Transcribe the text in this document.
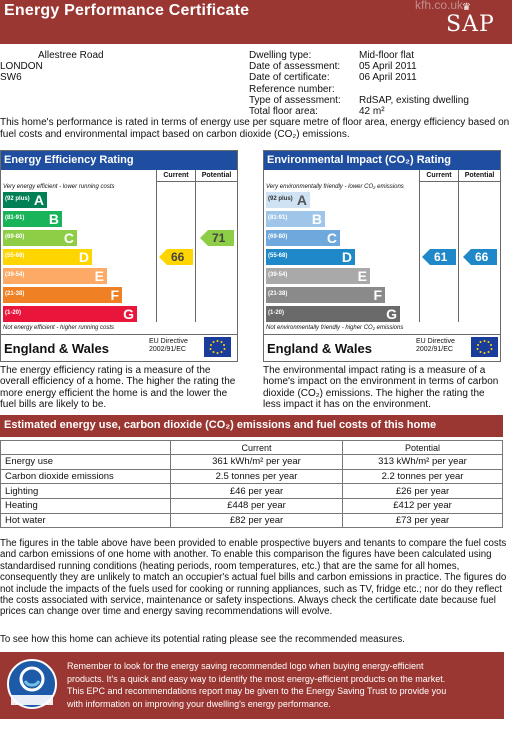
Energy Performance Certificate	kfh.co.uk
♛
SAP
Allestree Road
LONDON
SW6
Dwelling type:	Mid-floor flat
Date of assessment:	05 April 2011
Date of certificate:	06 April 2011
Reference number:
Type of assessment:	RdSAP, existing dwelling
Total floor area:	42 m²
This home's performance is rated in terms of energy use per square metre of floor area, energy efficiency based on fuel costs and environmental impact based on carbon dioxide (CO₂) emissions.
Energy Efficiency Rating
Current	Potential
Very energy efficient - lower running costs
(92 plus) A
(81-91) B
(69-80)	C
(55-68)	D
(39-54)	E
(21-38)	F
(1-20)	G
66
71
Not energy efficient - higher running costs
England & Wales	EU Directive
2002/91/EC
Environmental Impact (CO₂) Rating
Current	Potential
Very environmentally friendly - lower CO₂ emissions
(92 plus) A
(81-91) B
(69-80)	C
(55-68)	D
(39-54)	E
(21-38)	F
(1-20)	G
61 66
Not environmentally friendly - higher CO₂ emissions
England & Wales	EU Directive
2002/91/EC
The energy efficiency rating is a measure of the overall efficiency of a home. The higher the rating the more energy efficient the home is and the lower the fuel bills are likely to be.
The environmental impact rating is a measure of a home's impact on the environment in terms of carbon dioxide (CO₂) emissions. The higher the rating the less impact it has on the environment.
Estimated energy use, carbon dioxide (CO₂) emissions and fuel costs of this home
	Current	Potential
Energy use	361 kWh/m² per year	313 kWh/m² per year
Carbon dioxide emissions	2.5 tonnes per year	2.2 tonnes per year
Lighting	£46 per year	£26 per year
Heating	£448 per year	£412 per year
Hot water	£82 per year	£73 per year
The figures in the table above have been provided to enable prospective buyers and tenants to compare the fuel costs and carbon emissions of one home with another. To enable this comparison the figures have been calculated using standardised running conditions (heating periods, room temperatures, etc.) that are the same for all homes, consequently they are unlikely to match an occupier's actual fuel bills and carbon emissions in practice. The figures do not include the impacts of the fuels used for cooking or running appliances, such as TV, fridge etc.; nor do they reflect the costs associated with service, maintenance or safety inspections. Always check the certificate date because fuel prices can change over time and energy saving recommendations will evolve.
To see how this home can achieve its potential rating please see the recommended measures.
Remember to look for the energy saving recommended logo when buying energy-efficient
products. It's a quick and easy way to identify the most energy-efficient products on the market.
This EPC and recommendations report may be given to the Energy Saving Trust to provide you
with information on improving your dwelling's energy performance.
